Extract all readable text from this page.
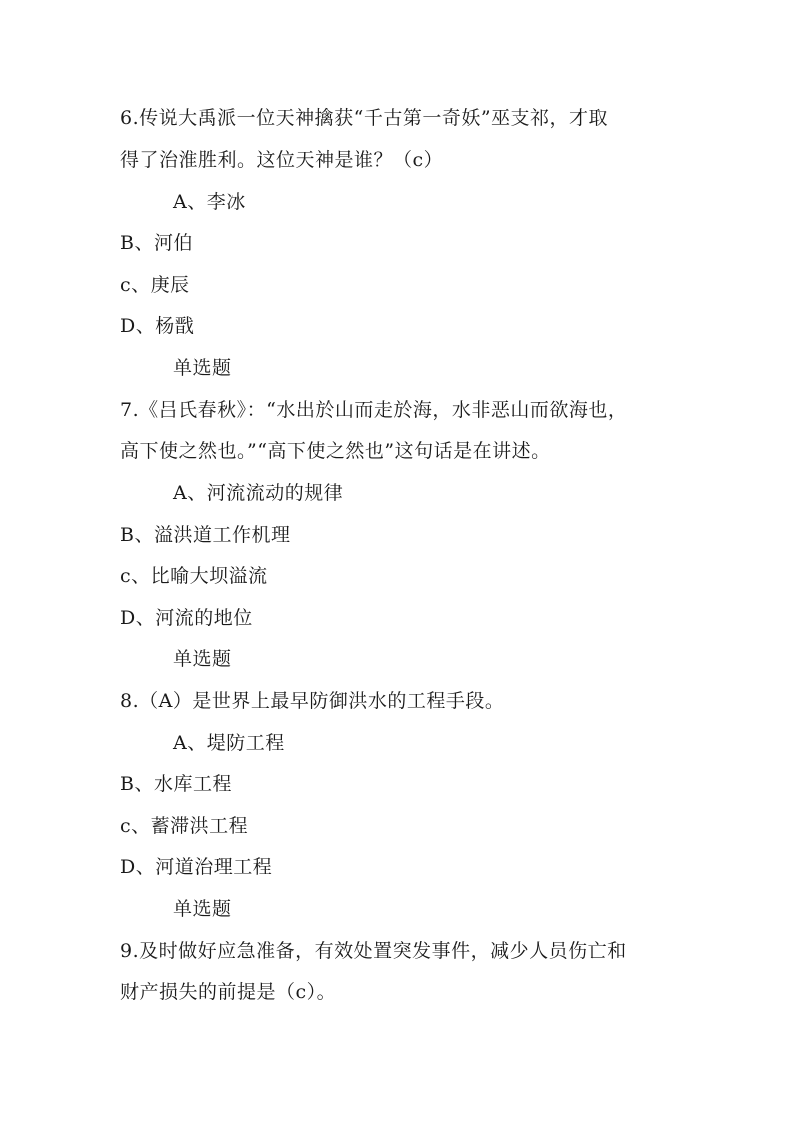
6.传说大禹派一位天神擒获“千古第一奇妖”巫支祁，才取
得了治淮胜利。这位天神是谁？（c）
A、李冰
B、河伯
c、庚辰
D、杨戬
单选题
7.《吕氏春秋》：“水出於山而走於海，水非恶山而欲海也，
高下使之然也。”“高下使之然也”这句话是在讲述。
A、河流流动的规律
B、溢洪道工作机理
c、比喻大坝溢流
D、河流的地位
单选题
8.（A）是世界上最早防御洪水的工程手段。
A、堤防工程
B、水库工程
c、蓄滞洪工程
D、河道治理工程
单选题
9.及时做好应急准备，有效处置突发事件，减少人员伤亡和
财产损失的前提是（c）。
